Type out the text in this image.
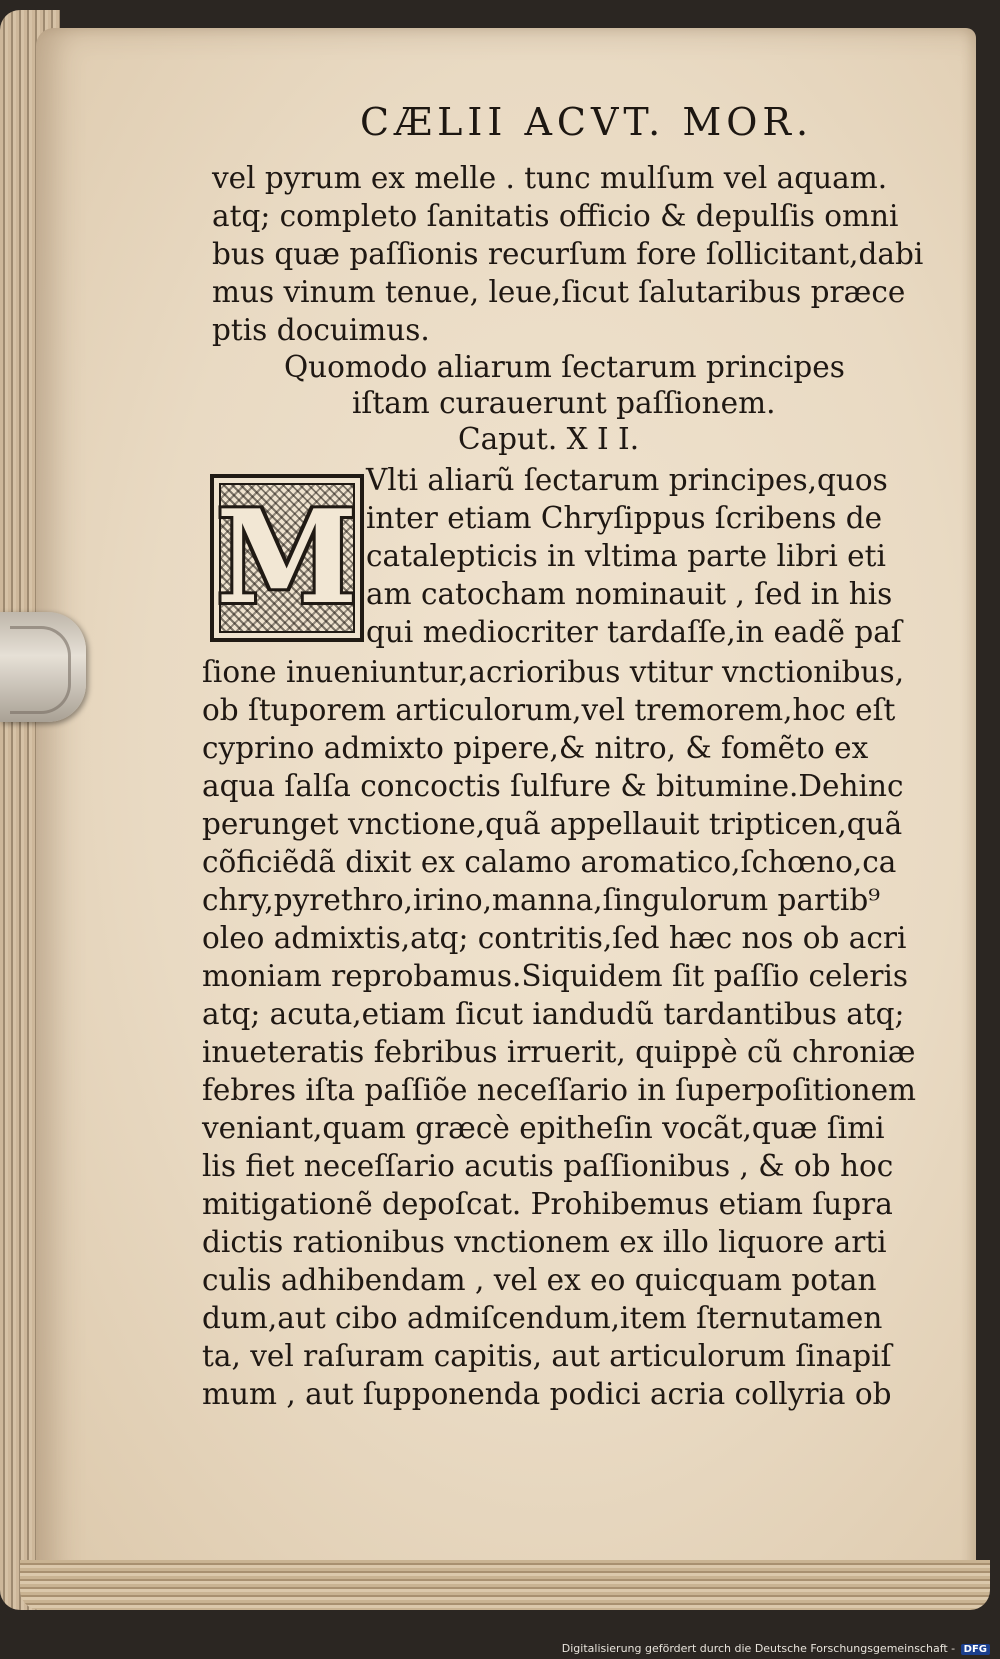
CÆLII ACVT. MOR.
vel pyrum ex melle . tunc mulſum vel aquam.
atq; completo ſanitatis officio & depulſis omni
bus quæ paſſionis recurſum fore ſollicitant,dabi
mus vinum tenue, leue,ſicut ſalutaribus præce
ptis docuimus.
Quomodo aliarum ſectarum principes
iſtam curauerunt paſſionem.
Caput. X I I.
M
Vlti aliarũ ſectarum principes,quos
inter etiam Chryſippus ſcribens de
catalepticis in vltima parte libri eti
am catocham nominauit , ſed in his
qui mediocriter tardaſſe,in eadẽ paſ
ſione inueniuntur,acrioribus vtitur vnctionibus,
ob ſtuporem articulorum,vel tremorem,hoc eſt
cyprino admixto pipere,& nitro, & fomẽto ex
aqua ſalſa concoctis ſulfure & bitumine.Dehinc
perunget vnctione,quã appellauit tripticen,quã
cõficiẽdã dixit ex calamo aromatico,ſchœno,ca
chry,pyrethro,irino,manna,ſingulorum partib⁹
oleo admixtis,atq; contritis,ſed hæc nos ob acri
moniam reprobamus.Siquidem ſit paſſio celeris
atq; acuta,etiam ſicut iandudũ tardantibus atq;
inueteratis febribus irruerit, quippè cũ chroniæ
febres iſta paſſiõe neceſſario in ſuperpoſitionem
veniant,quam græcè epitheſin vocãt,quæ ſimi
lis fiet neceſſario acutis paſſionibus , & ob hoc
mitigationẽ depoſcat. Prohibemus etiam ſupra
dictis rationibus vnctionem ex illo liquore arti
culis adhibendam , vel ex eo quicquam potan
dum,aut cibo admiſcendum,item ſternutamen
ta, vel raſuram capitis, aut articulorum ſinapiſ
mum , aut ſupponenda podici acria collyria ob
Digitalisierung gefördert durch die Deutsche Forschungsgemeinschaft - DFG
